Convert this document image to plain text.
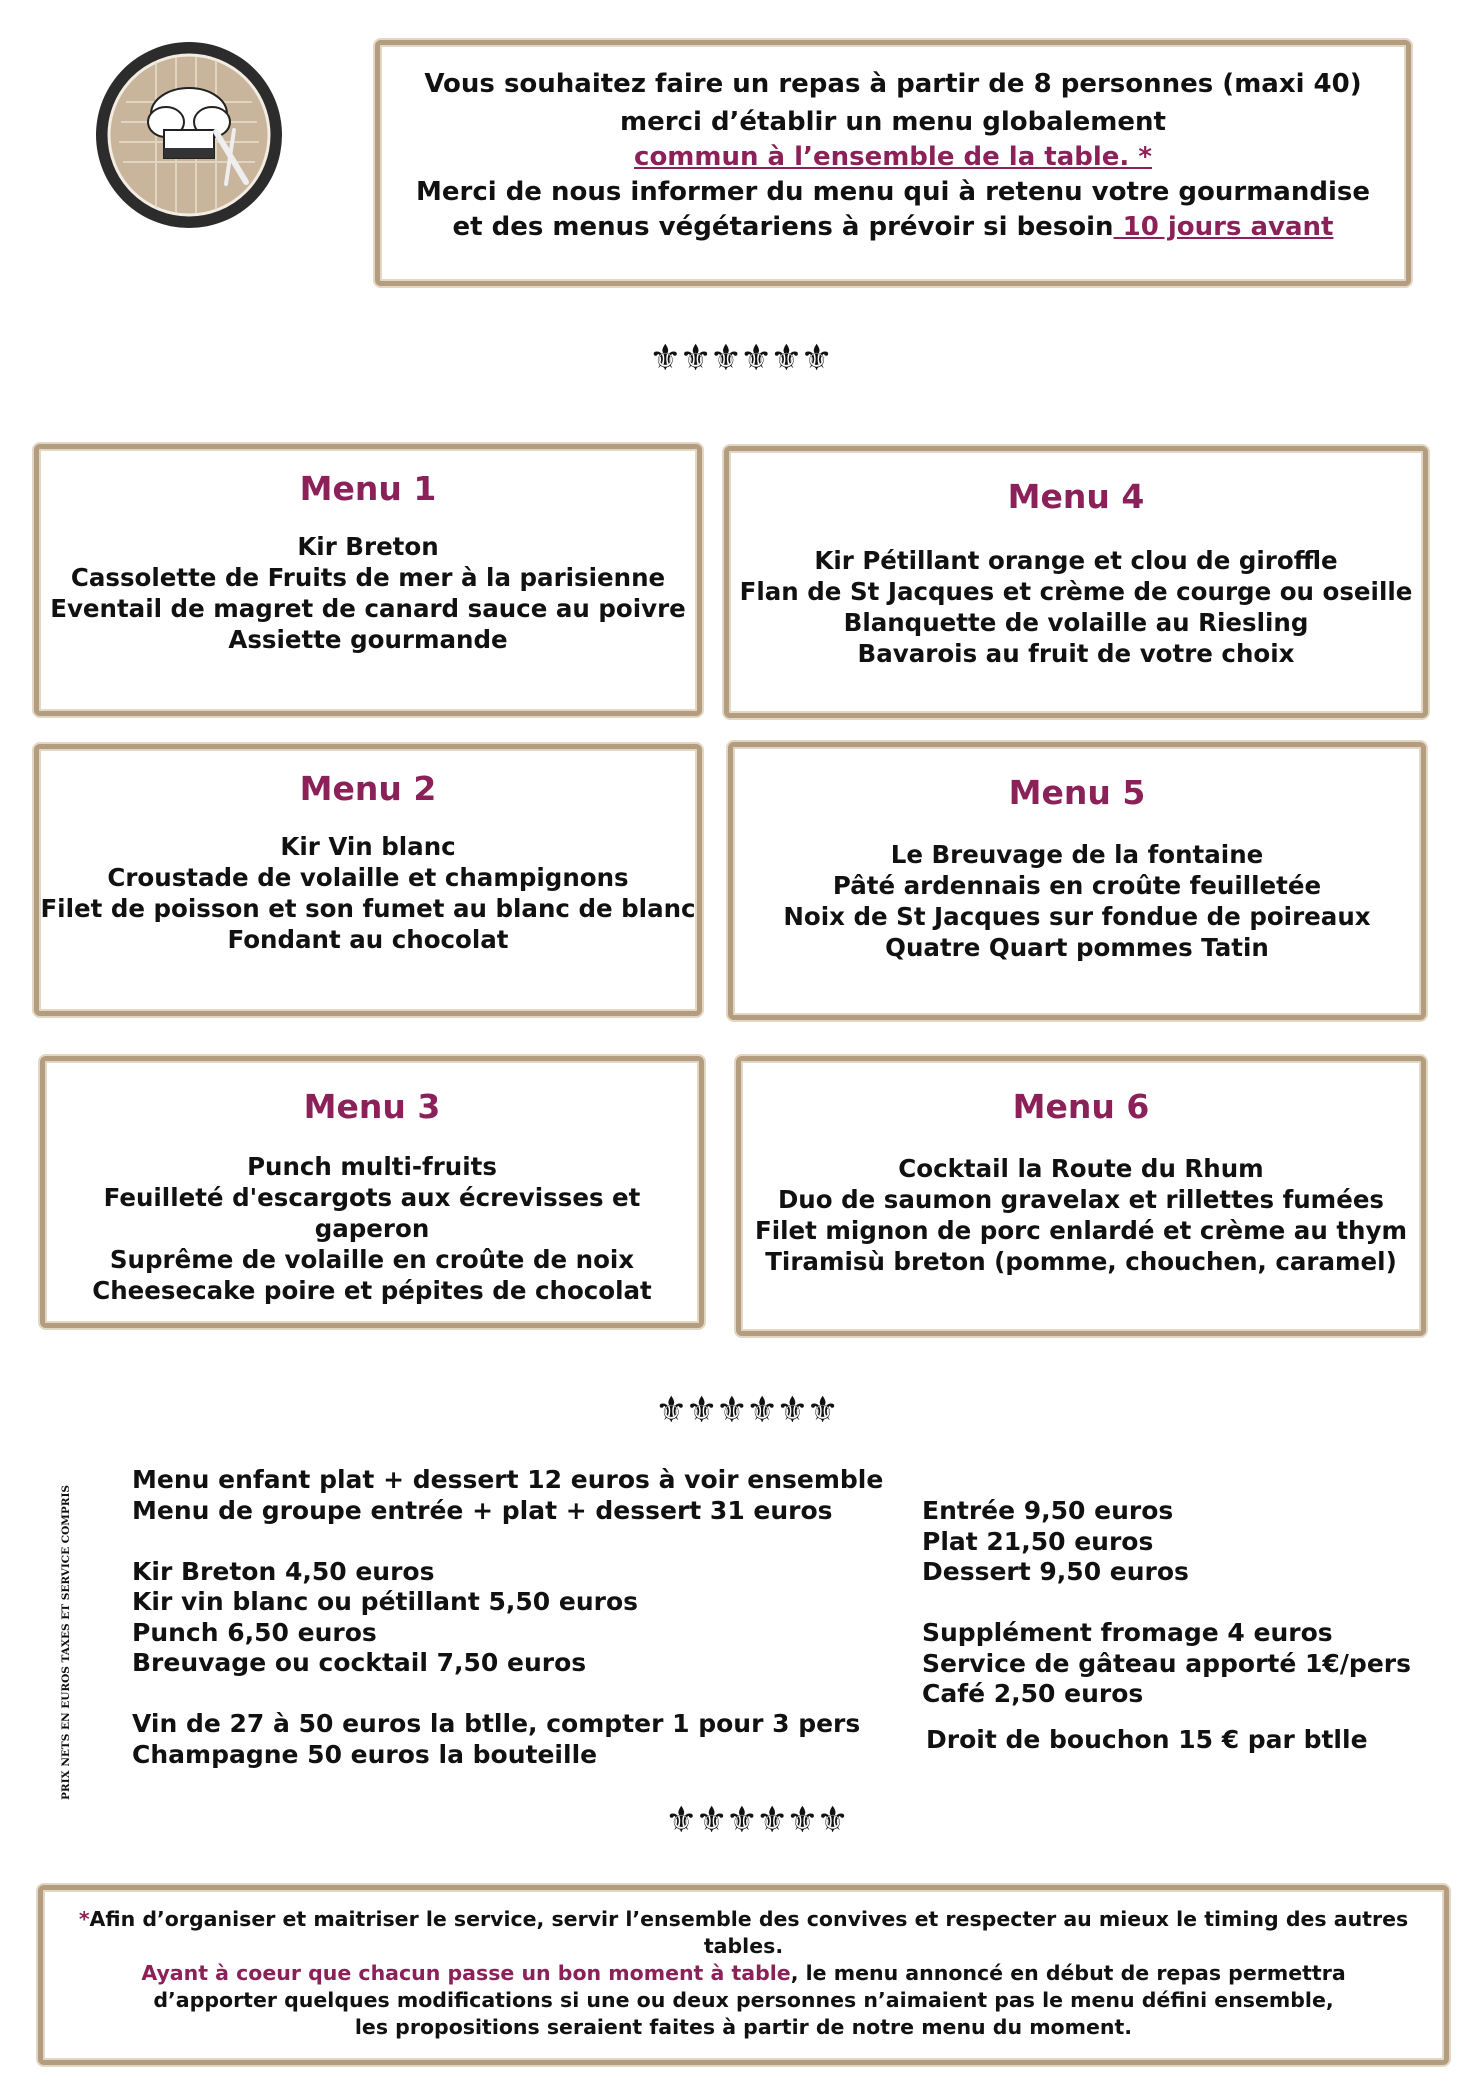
Vous souhaitez faire un repas à partir de 8 personnes (maxi 40)
merci d’établir un menu globalement
commun à l’ensemble de la table. *
Merci de nous informer du menu qui à retenu votre gourmandise
et des menus végétariens à prévoir si besoin 10 jours avant
⚜⚜⚜⚜⚜⚜
Menu 1
Kir Breton
Cassolette de Fruits de mer à la parisienne
Eventail de magret de canard sauce au poivre
Assiette gourmande
Menu 4
Kir Pétillant orange et clou de giroffle
Flan de St Jacques et crème de courge ou oseille
Blanquette de volaille au Riesling
Bavarois au fruit de votre choix
Menu 2
Kir Vin blanc
Croustade de volaille et champignons
Filet de poisson et son fumet au blanc de blanc
Fondant au chocolat
Menu 5
Le Breuvage de la fontaine
Pâté ardennais en croûte feuilletée
Noix de St Jacques sur fondue de poireaux
Quatre Quart pommes Tatin
Menu 3
Punch multi-fruits
Feuilleté d'escargots aux écrevisses et gaperon
Suprême de volaille en croûte de noix
Cheesecake poire et pépites de chocolat
Menu 6
Cocktail la Route du Rhum
Duo de saumon gravelax et rillettes fumées
Filet mignon de porc enlardé et crème au thym
Tiramisù breton (pomme, chouchen, caramel)
⚜⚜⚜⚜⚜⚜
PRIX NETS EN EUROS TAXES ET SERVICE COMPRIS
Menu enfant plat + dessert 12 euros à voir ensemble
Menu de groupe entrée + plat + dessert 31 euros
Kir Breton 4,50 euros
Kir vin blanc ou pétillant 5,50 euros
Punch 6,50 euros
Breuvage ou cocktail 7,50 euros
Vin de 27 à 50 euros la btlle, compter 1 pour 3 pers
Champagne 50 euros la bouteille
Entrée 9,50 euros
Plat 21,50 euros
Dessert 9,50 euros
Supplément fromage 4 euros
Service de gâteau apporté 1€/pers
Café 2,50 euros
Droit de bouchon 15 € par btlle
⚜⚜⚜⚜⚜⚜
*Afin d’organiser et maitriser le service, servir l’ensemble des convives et respecter au mieux le timing des autres tables.
Ayant à coeur que chacun passe un bon moment à table, le menu annoncé en début de repas permettra
d’apporter quelques modifications si une ou deux personnes n’aimaient pas le menu défini ensemble,
les propositions seraient faites à partir de notre menu du moment.
